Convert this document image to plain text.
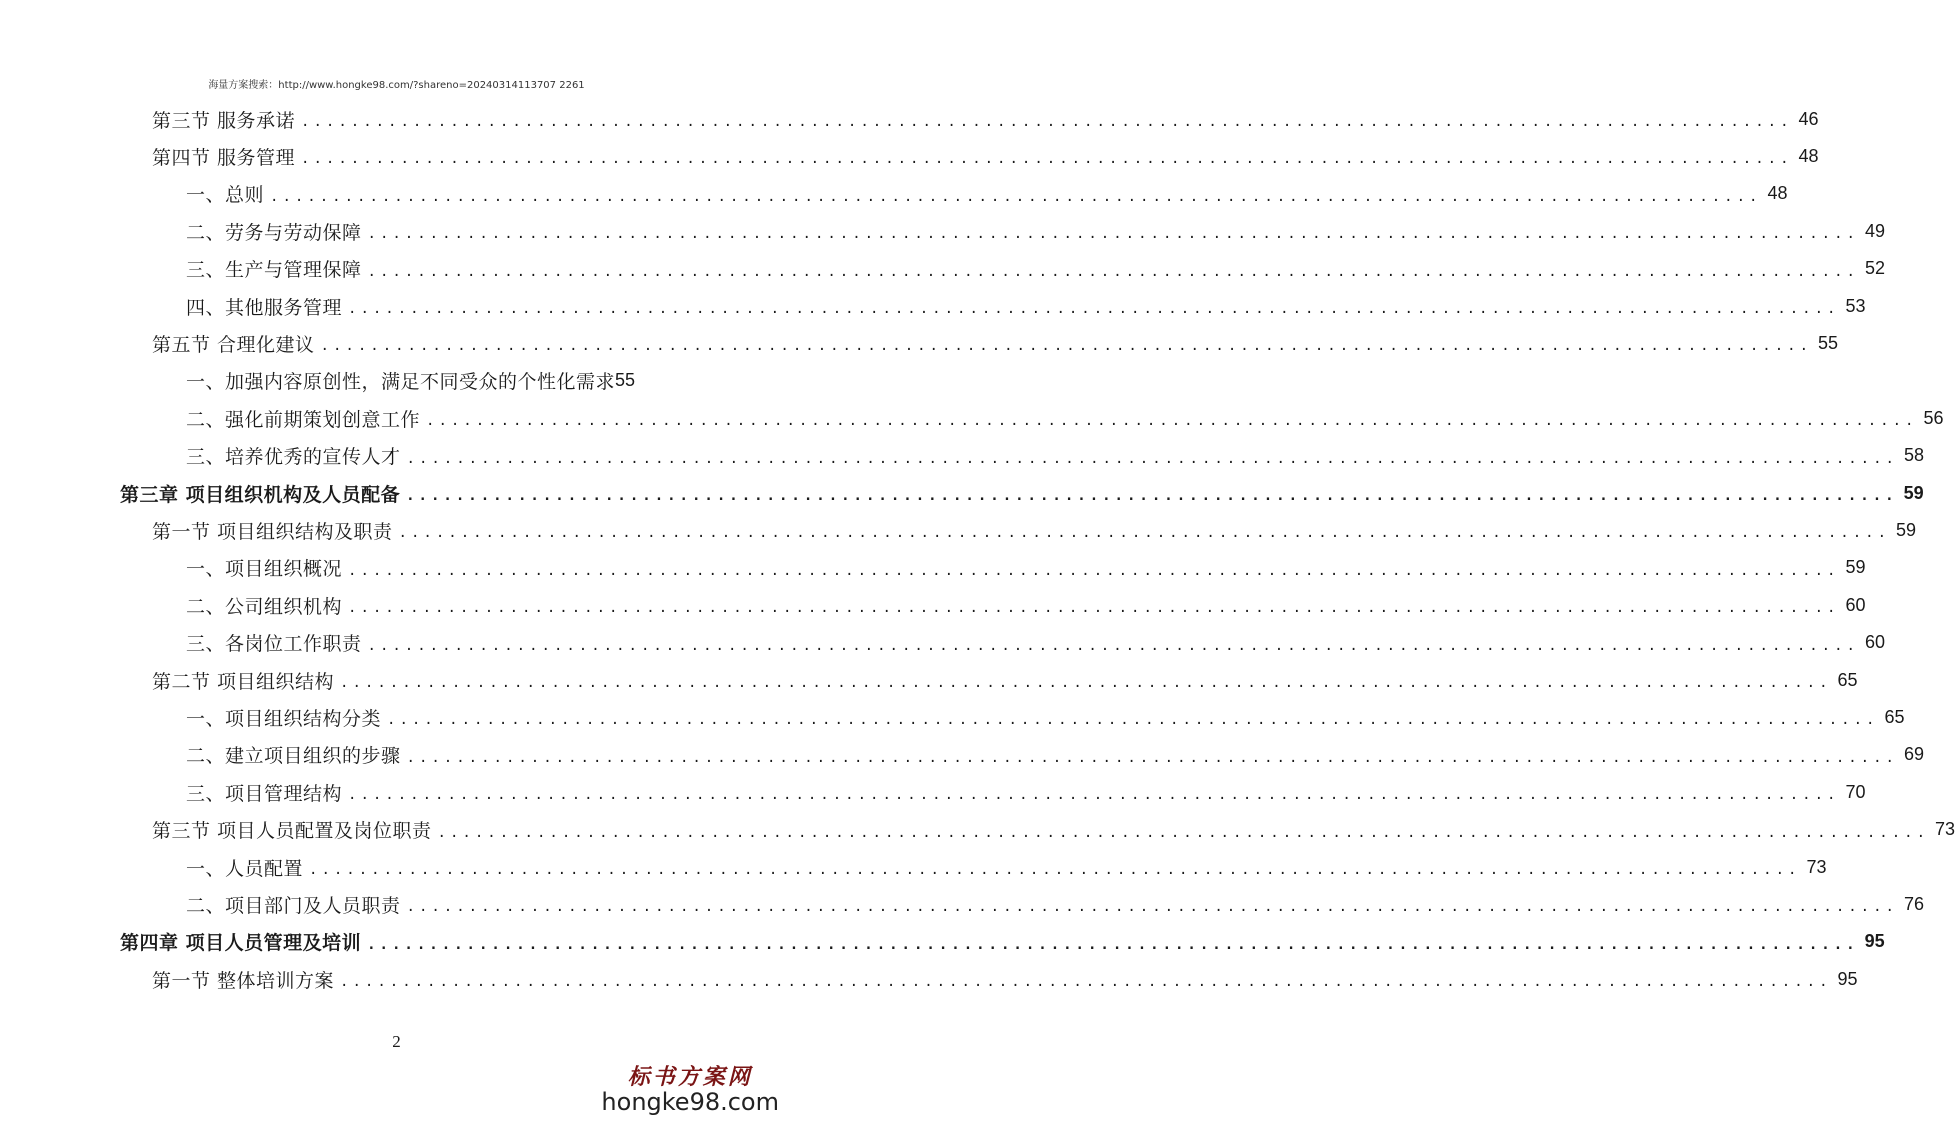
海量方案搜索：http://www.hongke98.com/?shareno=20240314113707 2261
第三节 服务承诺 ........................................................................................................................ 46
第四节 服务管理 ........................................................................................................................ 48
一、总则 ........................................................................................................................ 48
二、劳务与劳动保障 ........................................................................................................................ 49
三、生产与管理保障 ........................................................................................................................ 52
四、其他服务管理 ........................................................................................................................ 53
第五节 合理化建议 ........................................................................................................................ 55
一、加强内容原创性，满足不同受众的个性化需求 55
二、强化前期策划创意工作 ........................................................................................................................ 56
三、培养优秀的宣传人才 ........................................................................................................................ 58
第三章 项目组织机构及人员配备 ........................................................................................................................ 59
第一节 项目组织结构及职责 ........................................................................................................................ 59
一、项目组织概况 ........................................................................................................................ 59
二、公司组织机构 ........................................................................................................................ 60
三、各岗位工作职责 ........................................................................................................................ 60
第二节 项目组织结构 ........................................................................................................................ 65
一、项目组织结构分类 ........................................................................................................................ 65
二、建立项目组织的步骤 ........................................................................................................................ 69
三、项目管理结构 ........................................................................................................................ 70
第三节 项目人员配置及岗位职责 ........................................................................................................................ 73
一、人员配置 ........................................................................................................................ 73
二、项目部门及人员职责 ........................................................................................................................ 76
第四章 项目人员管理及培训 ........................................................................................................................ 95
第一节 整体培训方案 ........................................................................................................................ 95
2
标书方案网
hongke98.com
